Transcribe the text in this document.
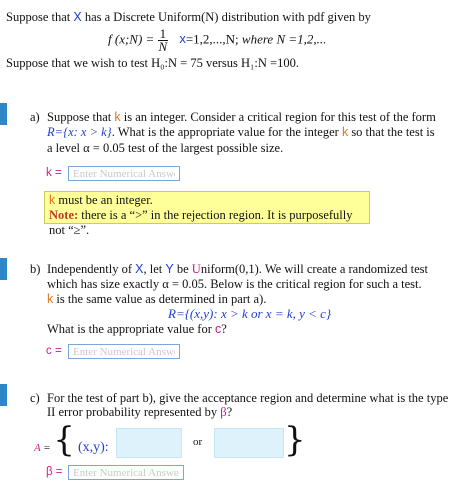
Suppose that X has a Discrete Uniform(N) distribution with pdf given by
f (x;N) = $\frac{1}{N} x=1,2,...,N$; where N =1,2,...
Suppose that we wish to test H₀:N = 75 versus H₁:N =100.
a) Suppose that k is an integer. Consider a critical region for this test of the form
R={x: x > k}. What is the appropriate value for the integer k so that the test is
a level α = 0.05 test of the largest possible size.
k =
Enter Numerical Answer
k must be an integer.
Note: there is a “>” in the rejection region. It is purposefully not “≥”.
b) Independently of X, let Y be Uniform(0,1). We will create a randomized test
which has size exactly α = 0.05. Below is the critical region for such a test.
k is the same value as determined in part a).
R={(x,y): x > k or x = k, y < c}
What is the appropriate value for c?
c =
Enter Numerical Answer
c) For the test of part b), give the acceptance region and determine what is the type
II error probability represented by β?
A = { (x,y):	or }
β =
Enter Numerical Answer
